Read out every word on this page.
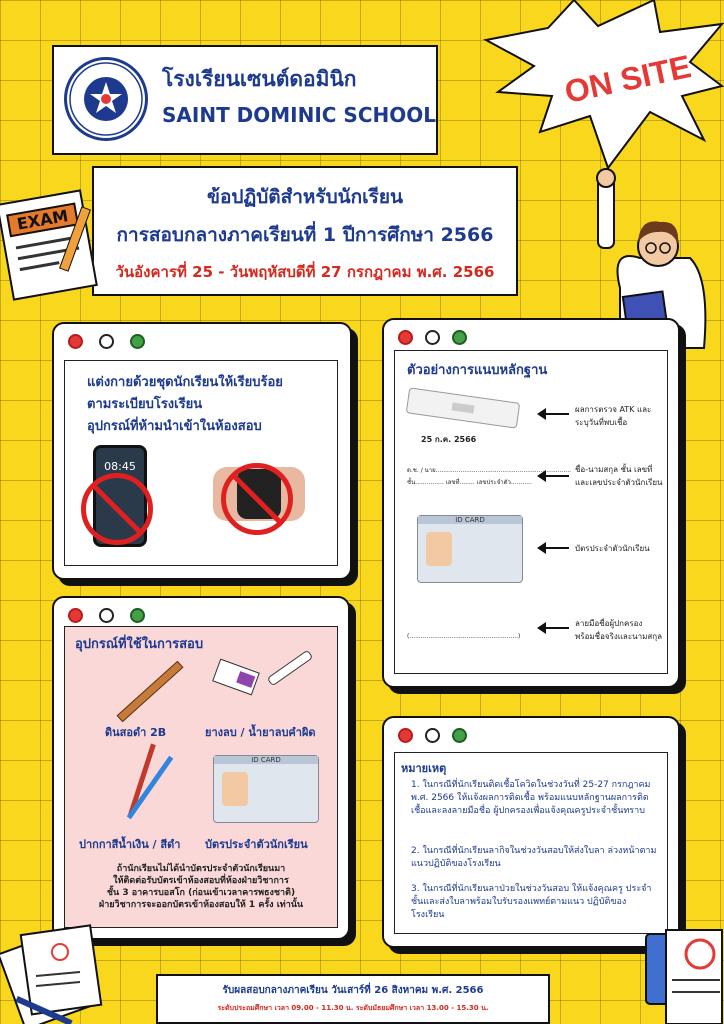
โรงเรียนเซนต์ดอมินิก
SAINT DOMINIC SCHOOL
ON SITE
ข้อปฏิบัติสำหรับนักเรียน
การสอบกลางภาคเรียนที่ 1 ปีการศึกษา 2566
วันอังคารที่ 25 - วันพฤหัสบดีที่ 27 กรกฎาคม พ.ศ. 2566
EXAM
แต่งกายด้วยชุดนักเรียนให้เรียบร้อย
ตามระเบียบโรงเรียน
อุปกรณ์ที่ห้ามนำเข้าในห้องสอบ
08:45
ตัวอย่างการแนบหลักฐาน
25 ก.ค. 2566
ผลการตรวจ ATK และระบุวันที่พบเชื้อ
ด.ช. / นาย.......................................................................
ชั้น............... เลขที่........ เลขประจำตัว...........
ชื่อ-นามสกุล ชั้น เลขที่ และเลขประจำตัวนักเรียน
ID CARD
บัตรประจำตัวนักเรียน
(.........................................................)
ลายมือชื่อผู้ปกครอง พร้อมชื่อจริงและนามสกุล
อุปกรณ์ที่ใช้ในการสอบ
ดินสอดำ 2B	ยางลบ / น้ำยาลบคำผิด
ปากกาสีน้ำเงิน / สีดำ
ID CARD
บัตรประจำตัวนักเรียน
ถ้านักเรียนไม่ได้นำบัตรประจำตัวนักเรียนมา
ให้ติดต่อรับบัตรเข้าห้องสอบที่ห้องฝ่ายวิชาการ
ชั้น 3 อาคารบอสโก (ก่อนเข้าเวลาคารพธงชาติ)
ฝ่ายวิชาการจะออกบัตรเข้าห้องสอบให้ 1 ครั้ง เท่านั้น
หมายเหตุ
1. ในกรณีที่นักเรียนติดเชื้อโควิดในช่วงวันที่ 25-27 กรกฎาคม พ.ศ. 2566 ให้แจ้งผลการติดเชื้อ พร้อมแนบหลักฐานผลการติดเชื้อและลงลายมือชื่อ ผู้ปกครองเพื่อแจ้งคุณครูประจำชั้นทราบ
2. ในกรณีที่นักเรียนลากิจในช่วงวันสอบให้ส่งใบลา ล่วงหน้าตามแนวปฏิบัติของโรงเรียน
3. ในกรณีที่นักเรียนลาป่วยในช่วงวันสอบ ให้แจ้งคุณครู ประจำชั้นและส่งใบลาพร้อมใบรับรองแพทย์ตามแนว ปฏิบัติของโรงเรียน
รับผลสอบกลางภาคเรียน วันเสาร์ที่ 26 สิงหาคม พ.ศ. 2566
ระดับประถมศึกษา เวลา 09.00 - 11.30 น. ระดับมัธยมศึกษา เวลา 13.00 - 15.30 น.
